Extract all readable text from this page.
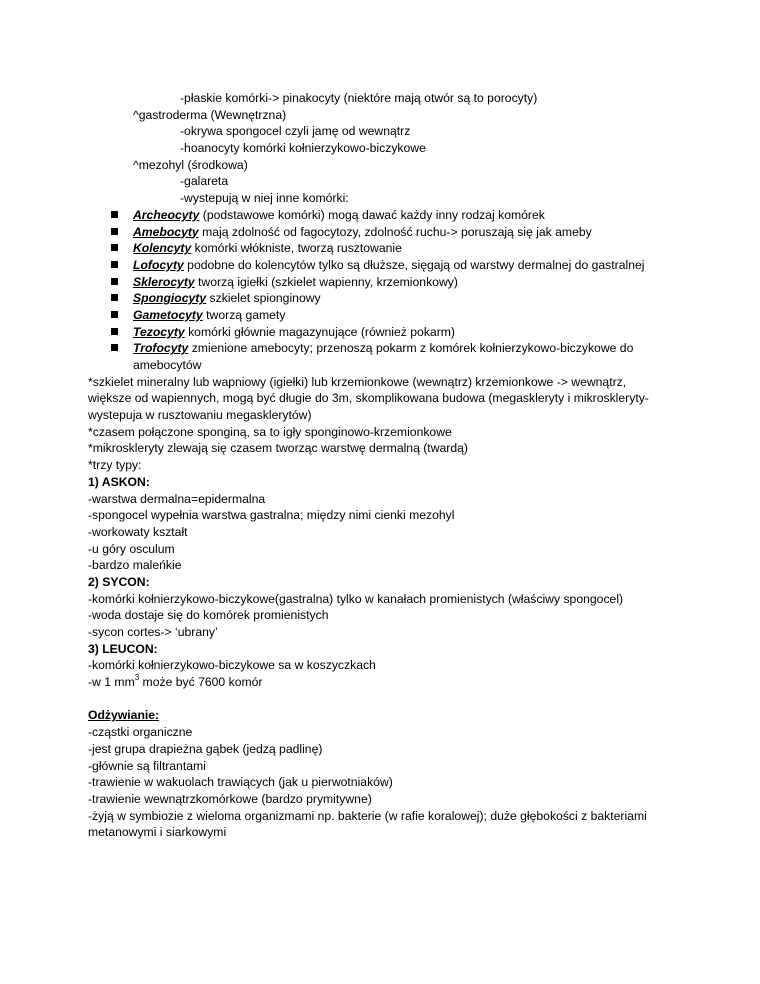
-płaskie komórki-> pinakocyty (niektóre mają otwór są to porocyty)
^gastroderma (Wewnętrzna)
-okrywa spongocel czyli jamę od wewnątrz
-hoanocyty komórki kołnierzykowo-biczykowe
^mezohyl (środkowa)
-galareta
-wystepują w niej inne komórki:
Archeocyty (podstawowe komórki) mogą dawać każdy inny rodzaj komórek
Amebocyty mają zdolność od fagocytozy, zdolność ruchu-> poruszają się jak ameby
Kolencyty komórki włókniste, tworzą rusztowanie
Lofocyty podobne do kolencytów tylko są dłuższe, sięgają od warstwy dermalnej do gastralnej
Sklerocyty tworzą igiełki (szkielet wapienny, krzemionkowy)
Spongiocyty szkielet spionginowy
Gametocyty tworzą gamety
Tezocyty komórki głównie magazynujące (również pokarm)
Trofocyty zmienione amebocyty; przenoszą pokarm z komórek kołnierzykowo-biczykowe do
amebocytów
*szkielet mineralny lub wapniowy (igiełki) lub krzemionkowe (wewnątrz) krzemionkowe -> wewnątrz,
większe od wapiennych, mogą być długie do 3m, skomplikowana budowa (megaskleryty i mikroskleryty-
wystepuja w rusztowaniu megasklerytów)
*czasem połączone sponginą, sa to igły sponginowo-krzemionkowe
*mikroskleryty zlewają się czasem tworząc warstwę dermalną (twardą)
*trzy typy:
1) ASKON:
-warstwa dermalna=epidermalna
-spongocel wypełnia warstwa gastralna; między nimi cienki mezohyl
-workowaty kształt
-u góry osculum
-bardzo maleńkie
2) SYCON:
-komórki kołnierzykowo-biczykowe(gastralna) tylko w kanałach promienistych (właściwy spongocel)
-woda dostaje się do komórek promienistych
-sycon cortes-> ‘ubrany’
3) LEUCON:
-komórki kołnierzykowo-biczykowe sa w koszyczkach
-w 1 $mm^3$ może być 7600 komór
Odżywianie:
-cząstki organiczne
-jest grupa drapieżna gąbek (jedzą padlinę)
-głównie są filtrantami
-trawienie w wakuolach trawiących (jak u pierwotniaków)
-trawienie wewnątrzkomórkowe (bardzo prymitywne)
-żyją w symbiozie z wieloma organizmami np. bakterie (w rafie koralowej); duże głębokości z bakteriami
metanowymi i siarkowymi
